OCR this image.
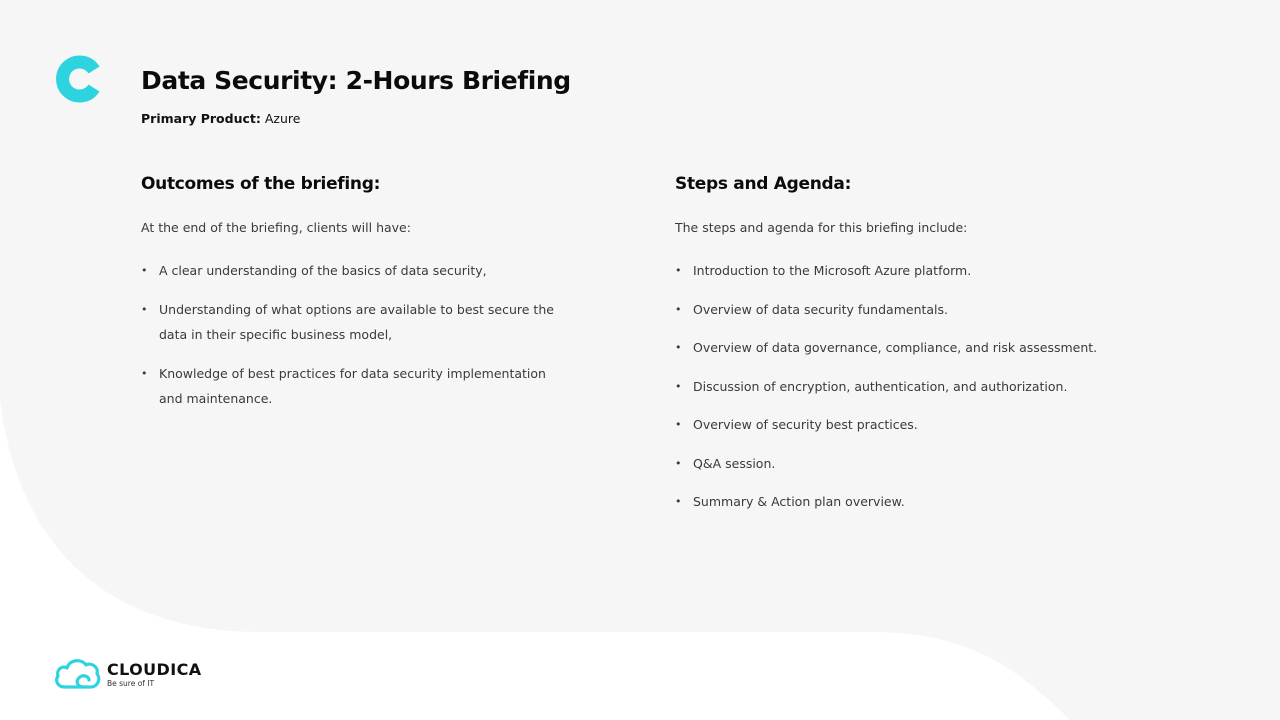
Data Security: 2-Hours Briefing
Primary Product: Azure
Outcomes of the briefing:
At the end of the briefing, clients will have:
• A clear understanding of the basics of data security,
• Understanding of what options are available to best secure the data in their specific business model,
• Knowledge of best practices for data security implementation and maintenance.
Steps and Agenda:
The steps and agenda for this briefing include:
• Introduction to the Microsoft Azure platform.
• Overview of data security fundamentals.
• Overview of data governance, compliance, and risk assessment.
• Discussion of encryption, authentication, and authorization.
• Overview of security best practices.
• Q&A session.
• Summary & Action plan overview.
CLOUDICA
Be sure of IT
